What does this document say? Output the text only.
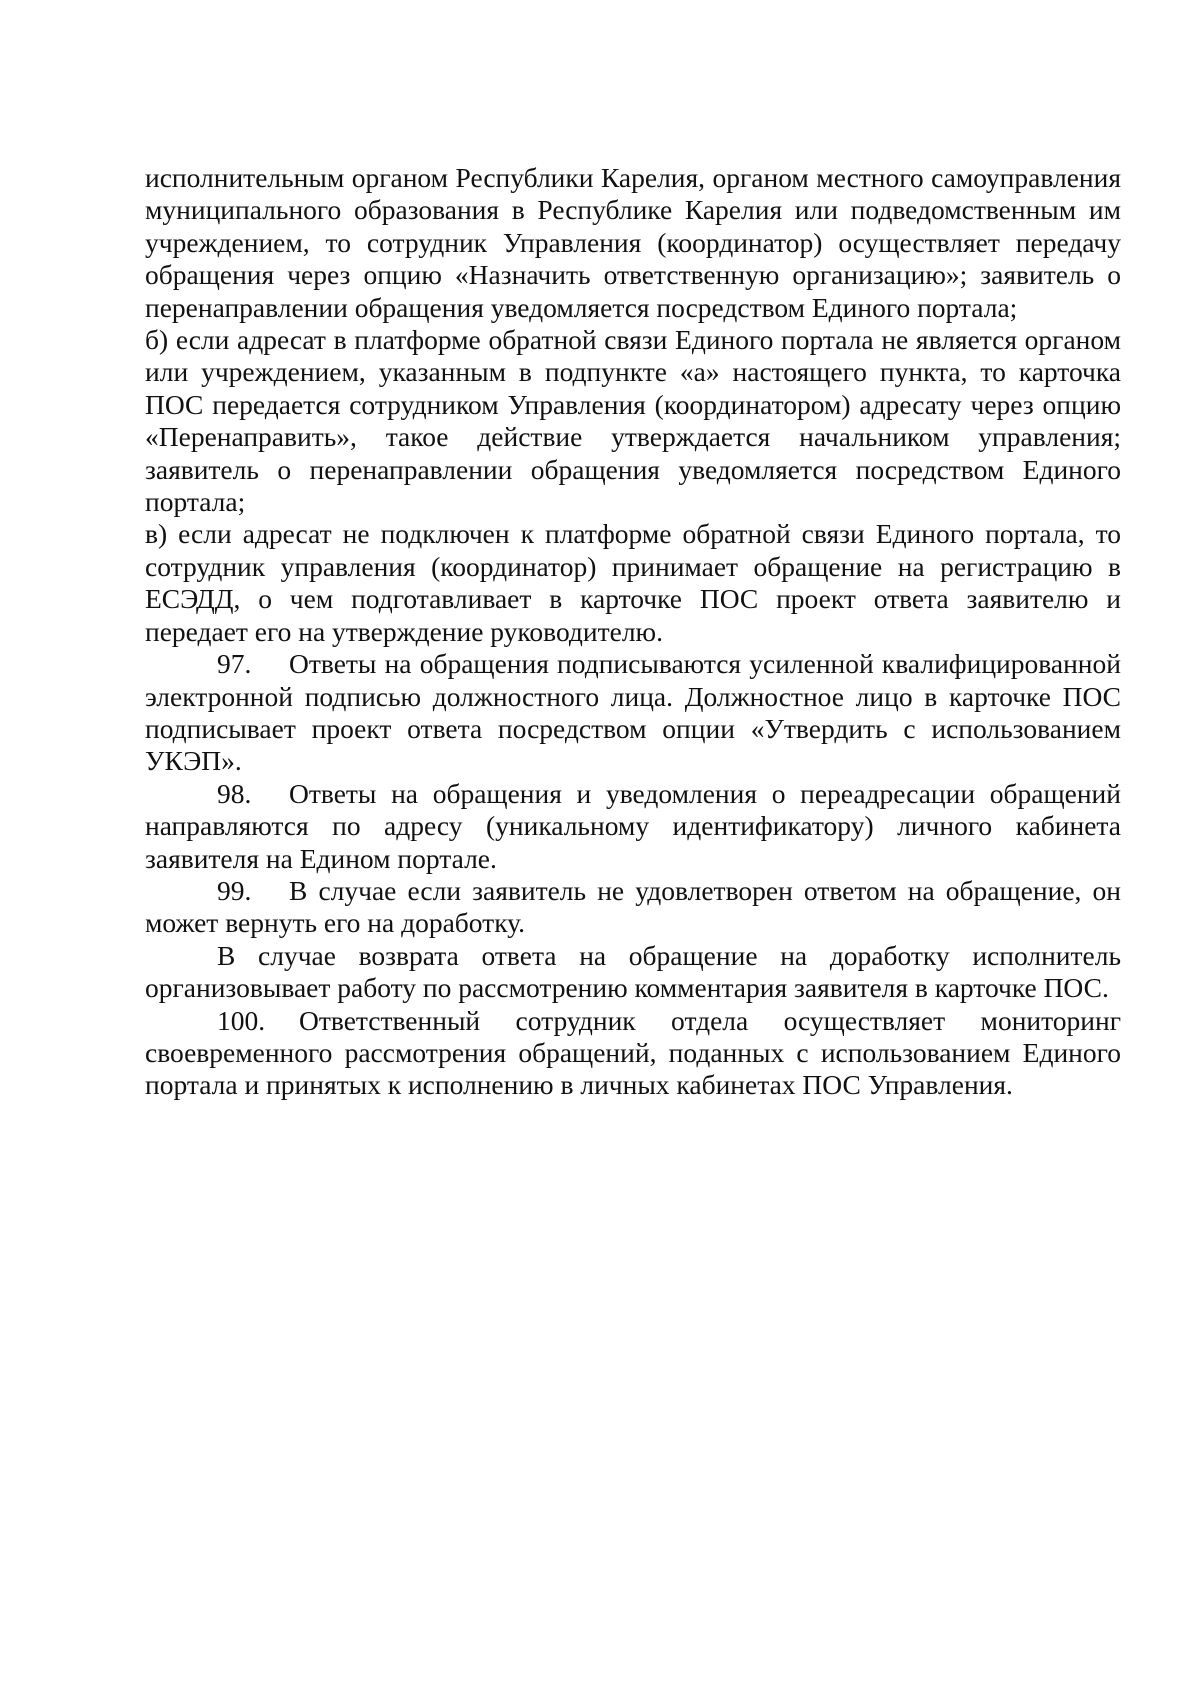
исполнительным органом Республики Карелия, органом местного самоуправления муниципального образования в Республике Карелия или подведомственным им учреждением, то сотрудник Управления (координатор) осуществляет передачу обращения через опцию «Назначить ответственную организацию»; заявитель о перенаправлении обращения уведомляется посредством Единого портала;

б) если адресат в платформе обратной связи Единого портала не является органом или учреждением, указанным в подпункте «а» настоящего пункта, то карточка ПОС передается сотрудником Управления (координатором) адресату через опцию «Перенаправить», такое действие утверждается начальником управления; заявитель о перенаправлении обращения уведомляется посредством Единого портала;

в) если адресат не подключен к платформе обратной связи Единого портала, то сотрудник управления (координатор) принимает обращение на регистрацию в ЕСЭДД, о чем подготавливает в карточке ПОС проект ответа заявителю и передает его на утверждение руководителю.

97. Ответы на обращения подписываются усиленной квалифицированной электронной подписью должностного лица. Должностное лицо в карточке ПОС подписывает проект ответа посредством опции «Утвердить с использованием УКЭП».

98. Ответы на обращения и уведомления о переадресации обращений направляются по адресу (уникальному идентификатору) личного кабинета заявителя на Едином портале.

99. В случае если заявитель не удовлетворен ответом на обращение, он может вернуть его на доработку.

В случае возврата ответа на обращение на доработку исполнитель организовывает работу по рассмотрению комментария заявителя в карточке ПОС.

100. Ответственный сотрудник отдела осуществляет мониторинг своевременного рассмотрения обращений, поданных с использованием Единого портала и принятых к исполнению в личных кабинетах ПОС Управления.
